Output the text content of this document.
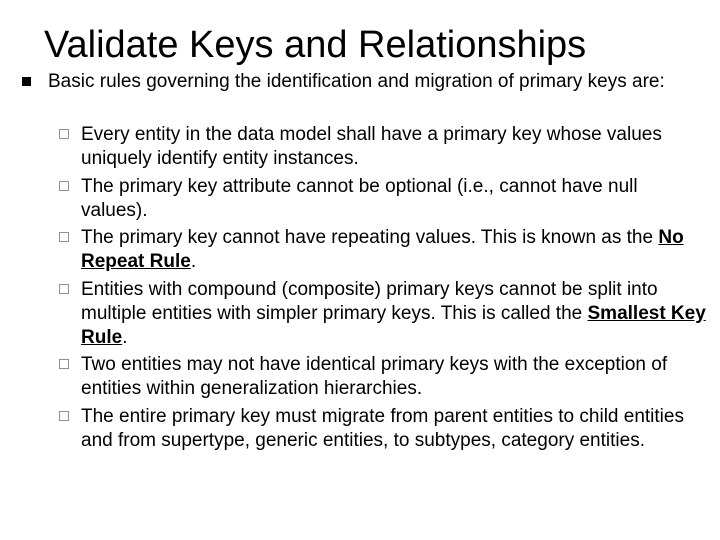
Validate Keys and Relationships
Basic rules governing the identification and migration of primary keys are:
Every entity in the data model shall have a primary key whose values uniquely identify entity instances.
The primary key attribute cannot be optional (i.e., cannot have null values).
The primary key cannot have repeating values. This is known as the No Repeat Rule.
Entities with compound (composite) primary keys cannot be split into multiple entities with simpler primary keys. This is called the Smallest Key Rule.
Two entities may not have identical primary keys with the exception of entities within generalization hierarchies.
The entire primary key must migrate from parent entities to child entities and from supertype, generic entities, to subtypes, category entities.
